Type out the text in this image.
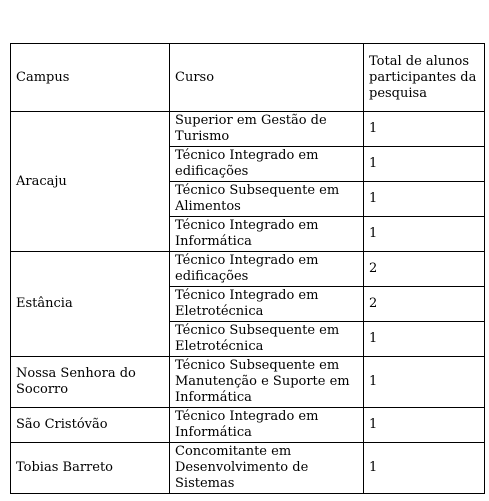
Campus	Curso	Total de alunos participantes da pesquisa
Aracaju	Superior em Gestão de Turismo	1
	Técnico Integrado em edificações	1
	Técnico Subsequente em Alimentos	1
	Técnico Integrado em Informática	1
Estância	Técnico Integrado em edificações	2
	Técnico Integrado em Eletrotécnica	2
	Técnico Subsequente em Eletrotécnica	1
Nossa Senhora do Socorro	Técnico Subsequente em Manutenção e Suporte em Informática	1
São Cristóvão	Técnico Integrado em Informática	1
Tobias Barreto	Concomitante em Desenvolvimento de Sistemas	1
